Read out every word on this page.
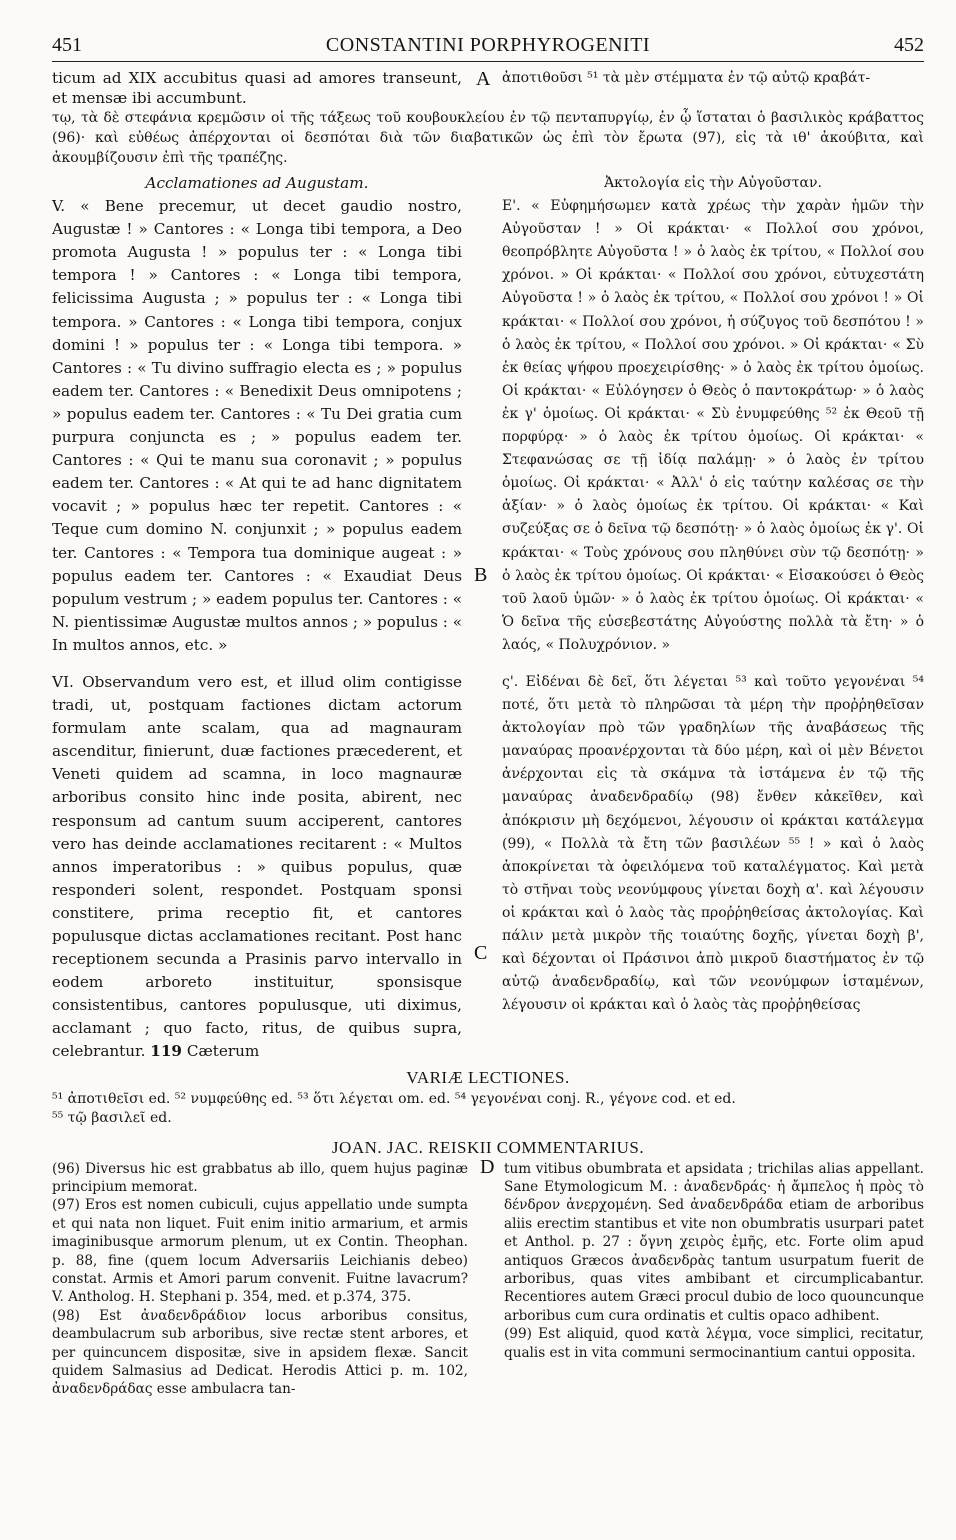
451	CONSTANTINI PORPHYROGENITI	452

ticum ad XIX accubitus quasi ad amores transeunt, et mensæ ibi accumbunt.

A ἀποτιθοῦσι ⁵¹ τὰ μὲν στέμματα ἐν τῷ αὐτῷ κραβάτ-

τῳ, τὰ δὲ στεφάνια κρεμῶσιν οἱ τῆς τάξεως τοῦ κουβουκλείου ἐν τῷ πενταπυργίῳ, ἐν ᾧ ἵσταται ὁ βασιλικὸς κράβαττος (96)· καὶ εὐθέως ἀπέρχονται οἱ δεσπόται διὰ τῶν διαβατικῶν ὡς ἐπὶ τὸν ἔρωτα (97), εἰς τὰ ιθ' ἀκούβιτα, καὶ ἀκουμβίζουσιν ἐπὶ τῆς τραπέζης.

Acclamationes ad Augustam.

V. « Bene precemur, ut decet gaudio nostro, Augustæ ! » Cantores : « Longa tibi tempora, a Deo promota Augusta ! » populus ter : « Longa tibi tempora ! » Cantores : « Longa tibi tempora, felicissima Augusta ; » populus ter : « Longa tibi tempora. » Cantores : « Longa tibi tempora, conjux domini ! » populus ter : « Longa tibi tempora. » Cantores : « Tu divino suffragio electa es ; » populus eadem ter. Cantores : « Benedixit Deus omnipotens ; » populus eadem ter. Cantores : « Tu Dei gratia cum purpura conjuncta es ; » populus eadem ter. Cantores : « Qui te manu sua coronavit ; » populus eadem ter. Cantores : « At qui te ad hanc dignitatem vocavit ; » populus hæc ter repetit. Cantores : « Teque cum domino N. conjunxit ; » populus eadem ter. Cantores : « Tempora tua dominique augeat : » populus eadem ter. Cantores : « Exaudiat Deus populum vestrum ; » eadem populus ter. Cantores : « N. pientissimæ Augustæ multos annos ; » populus : « In multos annos, etc. »

VI. Observandum vero est, et illud olim contigisse tradi, ut, postquam factiones dictam actorum formulam ante scalam, qua ad magnauram ascenditur, finierunt, duæ factiones præcederent, et Veneti quidem ad scamna, in loco magnauræ arboribus consito hinc inde posita, abirent, nec responsum ad cantum suum acciperent, cantores vero has deinde acclamationes recitarent : « Multos annos imperatoribus : » quibus populus, quæ responderi solent, respondet. Postquam sponsi constitere, prima receptio fit, et cantores populusque dictas acclamationes recitant. Post hanc receptionem secunda a Prasinis parvo intervallo in eodem arboreto instituitur, sponsisque consistentibus, cantores populusque, uti diximus, acclamant ; quo facto, ritus, de quibus supra, celebrantur. 119 Cæterum

B
C

Ἀκτολογία εἰς τὴν Αὐγοῦσταν.

Ε'. « Εὐφημήσωμεν κατὰ χρέως τὴν χαρὰν ἡμῶν τὴν Αὐγοῦσταν ! » Οἱ κράκται· « Πολλοί σου χρόνοι, θεοπρόβλητε Αὐγοῦστα ! » ὁ λαὸς ἐκ τρίτου, « Πολλοί σου χρόνοι. » Οἱ κράκται· « Πολλοί σου χρόνοι, εὐτυχεστάτη Αὐγοῦστα ! » ὁ λαὸς ἐκ τρίτου, « Πολλοί σου χρόνοι ! » Οἱ κράκται· « Πολλοί σου χρόνοι, ἡ σύζυγος τοῦ δεσπότου ! » ὁ λαὸς ἐκ τρίτου, « Πολλοί σου χρόνοι. » Οἱ κράκται· « Σὺ ἐκ θείας ψήφου προεχειρίσθης· » ὁ λαὸς ἐκ τρίτου ὁμοίως. Οἱ κράκται· « Εὐλόγησεν ὁ Θεὸς ὁ παντοκράτωρ· » ὁ λαὸς ἐκ γ' ὁμοίως. Οἱ κράκται· « Σὺ ἐνυμφεύθης ⁵² ἐκ Θεοῦ τῇ πορφύρᾳ· » ὁ λαὸς ἐκ τρίτου ὁμοίως. Οἱ κράκται· « Στεφανώσας σε τῇ ἰδίᾳ παλάμῃ· » ὁ λαὸς ἐν τρίτου ὁμοίως. Οἱ κράκται· « Ἀλλ' ὁ εἰς ταύτην καλέσας σε τὴν ἀξίαν· » ὁ λαὸς ὁμοίως ἐκ τρίτου. Οἱ κράκται· « Καὶ συζεύξας σε ὁ δεῖνα τῷ δεσπότῃ· » ὁ λαὸς ὁμοίως ἐκ γ'. Οἱ κράκται· « Τοὺς χρόνους σου πληθύνει σὺν τῷ δεσπότῃ· » ὁ λαὸς ἐκ τρίτου ὁμοίως. Οἱ κράκται· « Εἰσακούσει ὁ Θεὸς τοῦ λαοῦ ὑμῶν· » ὁ λαὸς ἐκ τρίτου ὁμοίως. Οἱ κράκται· « Ὁ δεῖνα τῆς εὐσεβεστάτης Αὐγούστης πολλὰ τὰ ἔτη· » ὁ λαός, « Πολυχρόνιον. »

ς'. Εἰδέναι δὲ δεῖ, ὅτι λέγεται ⁵³ καὶ τοῦτο γεγονέναι ⁵⁴ ποτέ, ὅτι μετὰ τὸ πληρῶσαι τὰ μέρη τὴν προῤῥηθεῖσαν ἀκτολογίαν πρὸ τῶν γραδηλίων τῆς ἀναβάσεως τῆς μαναύρας προανέρχονται τὰ δύο μέρη, καὶ οἱ μὲν Βένετοι ἀνέρχονται εἰς τὰ σκάμνα τὰ ἱστάμενα ἐν τῷ τῆς μαναύρας ἀναδενδραδίῳ (98) ἔνθεν κἀκεῖθεν, καὶ ἀπόκρισιν μὴ δεχόμενοι, λέγουσιν οἱ κράκται κατάλεγμα (99), « Πολλὰ τὰ ἔτη τῶν βασιλέων ⁵⁵ ! » καὶ ὁ λαὸς ἀποκρίνεται τὰ ὀφειλόμενα τοῦ καταλέγματος. Καὶ μετὰ τὸ στῆναι τοὺς νεονύμφους γίνεται δοχὴ α'. καὶ λέγουσιν οἱ κράκται καὶ ὁ λαὸς τὰς προῤῥηθείσας ἀκτολογίας. Καὶ πάλιν μετὰ μικρὸν τῆς τοιαύτης δοχῆς, γίνεται δοχὴ β', καὶ δέχονται οἱ Πράσινοι ἀπὸ μικροῦ διαστήματος ἐν τῷ αὐτῷ ἀναδενδραδίῳ, καὶ τῶν νεονύμφων ἱσταμένων, λέγουσιν οἱ κράκται καὶ ὁ λαὸς τὰς προῤῥηθείσας

VARIÆ LECTIONES.
⁵¹ ἀποτιθεῖσι ed. ⁵² νυμφεύθης ed. ⁵³ ὅτι λέγεται om. ed. ⁵⁴ γεγονέναι conj. R., γέγονε cod. et ed.
⁵⁵ τῷ βασιλεῖ ed.
JOAN. JAC. REISKII COMMENTARIUS.

(96) Diversus hic est grabbatus ab illo, quem hujus paginæ principium memorat.

(97) Eros est nomen cubiculi, cujus appellatio unde sumpta et qui nata non liquet. Fuit enim initio armarium, et armis imaginibusque armorum plenum, ut ex Contin. Theophan. p. 88, fine (quem locum Adversariis Leichianis debeo) constat. Armis et Amori parum convenit. Fuitne lavacrum? V. Antholog. H. Stephani p. 354, med. et p.374, 375.

(98) Est ἀναδενδράδιον locus arboribus consitus, deambulacrum sub arboribus, sive rectæ stent arbores, et per quincuncem dispositæ, sive in apsidem flexæ. Sancit quidem Salmasius ad Dedicat. Herodis Attici p. m. 102, ἀναδενδράδας esse ambulacra tan-

D tum vitibus obumbrata et apsidata ; trichilas alias appellant. Sane Etymologicum M. : ἀναδενδράς· ἡ ἄμπελος ἡ πρὸς τὸ δένδρον ἀνερχομένη. Sed ἀναδενδράδα etiam de arboribus aliis erectim stantibus et vite non obumbratis usurpari patet et Anthol. p. 27 : ὄγνη χειρὸς ἐμῆς, etc. Forte olim apud antiquos Græcos ἀναδενδρὰς tantum usurpatum fuerit de arboribus, quas vites ambibant et circumplicabantur. Recentiores autem Græci procul dubio de loco quouncunque arboribus cum cura ordinatis et cultis opaco adhibent.

(99) Est aliquid, quod κατὰ λέγμα, voce simplici, recitatur, qualis est in vita communi sermocinantium cantui opposita.
